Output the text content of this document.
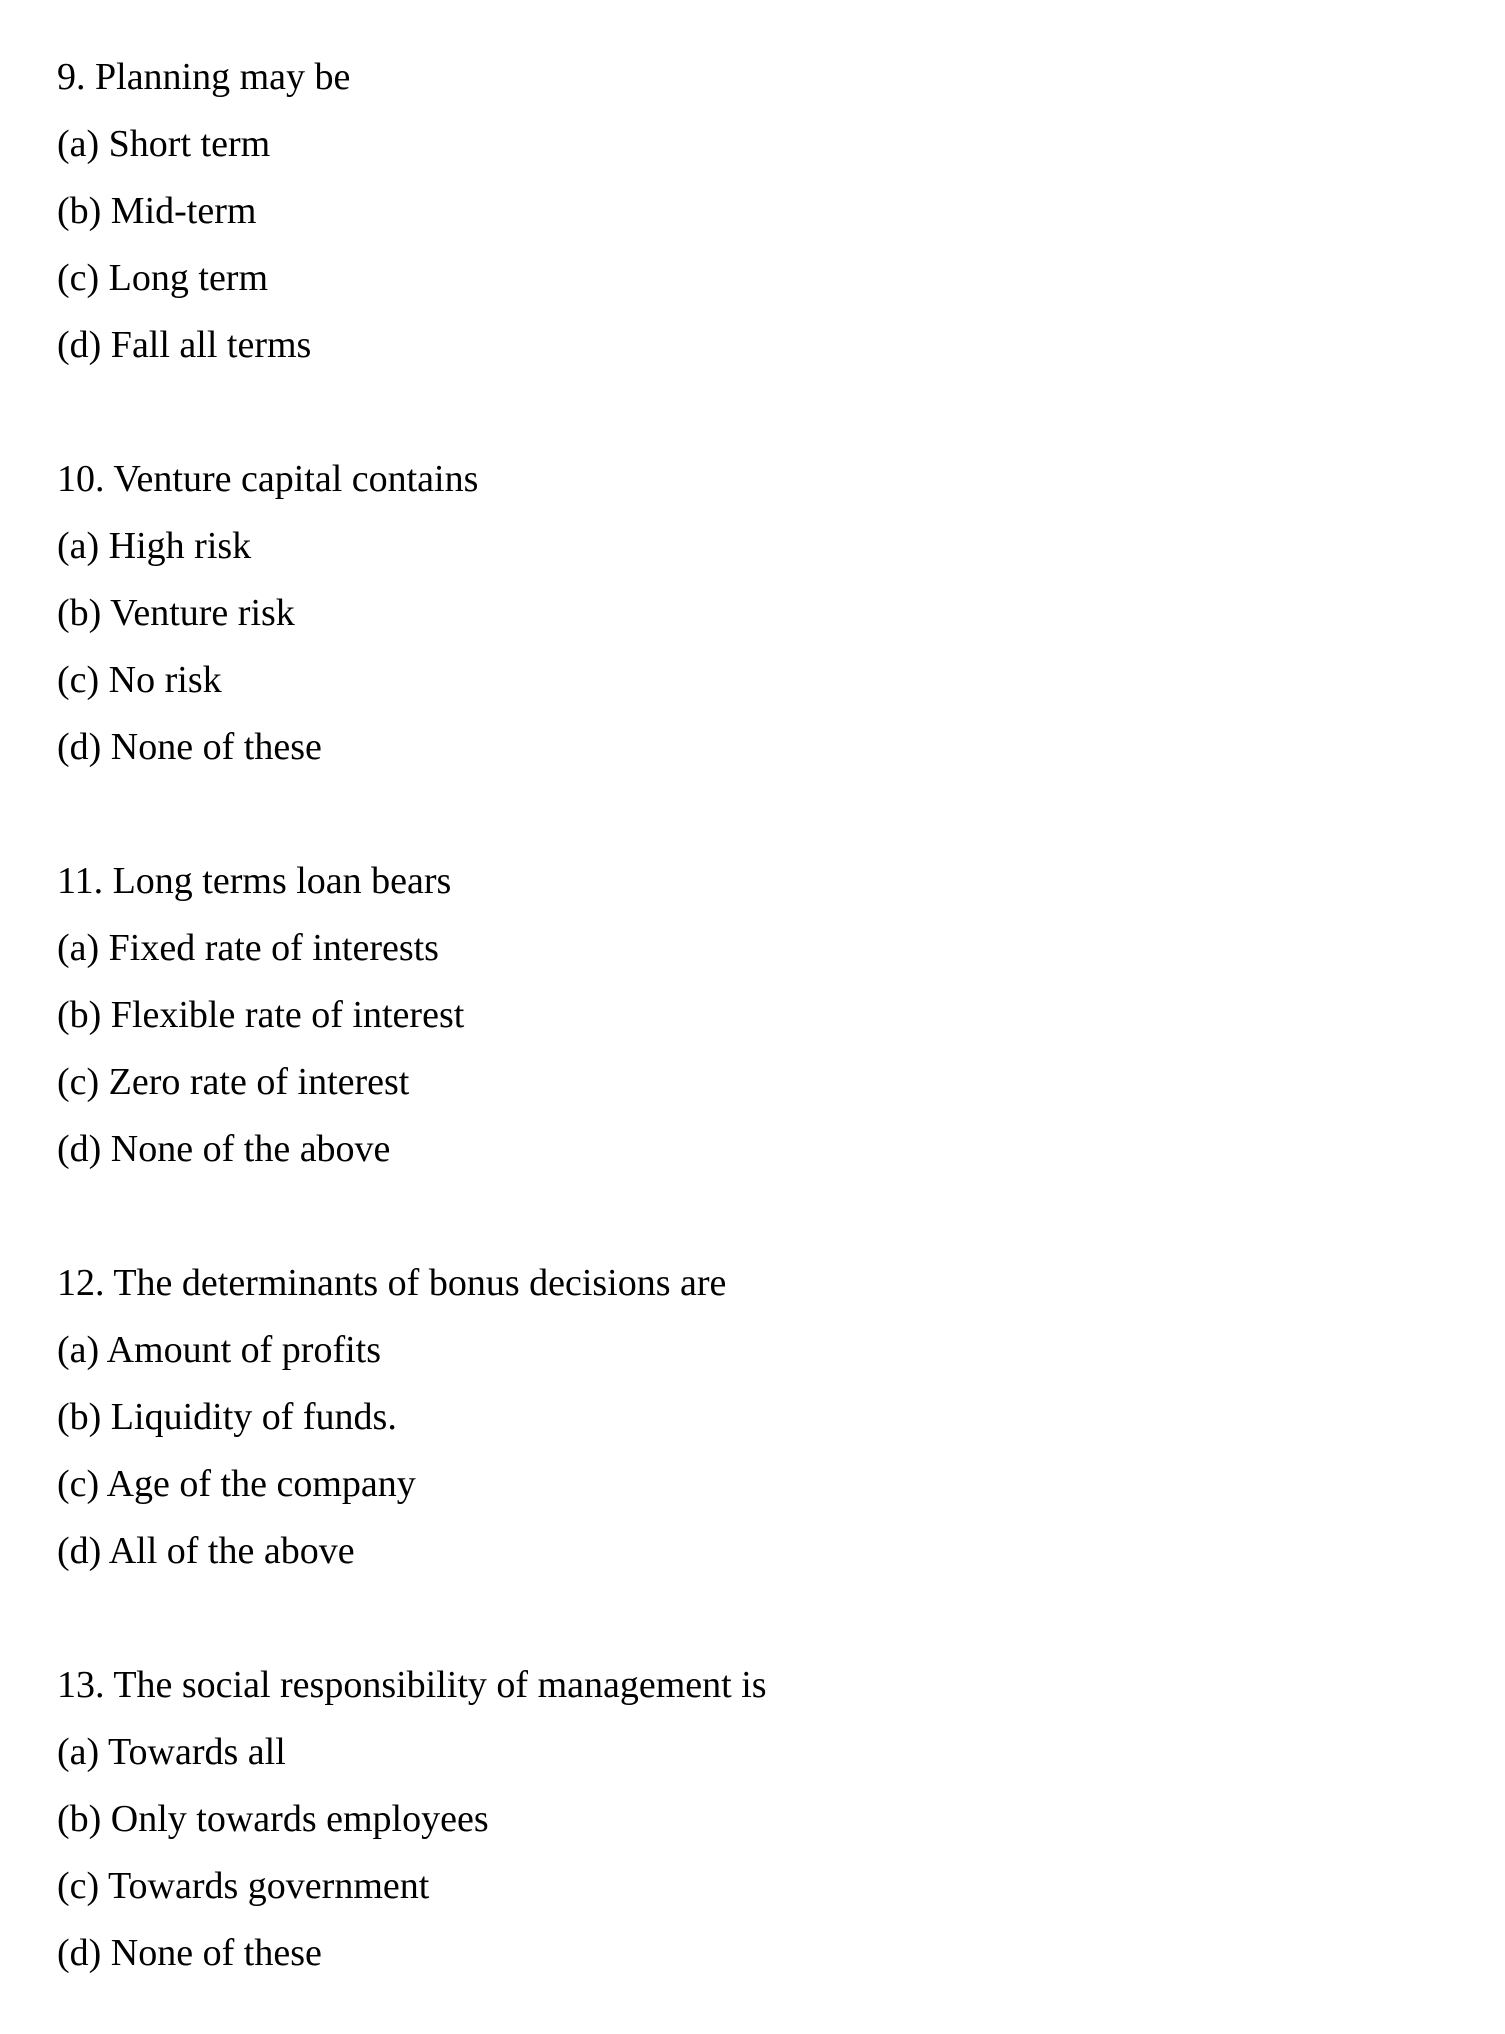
9. Planning may be
(a) Short term
(b) Mid-term
(c) Long term
(d) Fall all terms
10. Venture capital contains
(a) High risk
(b) Venture risk
(c) No risk
(d) None of these
11. Long terms loan bears
(a) Fixed rate of interests
(b) Flexible rate of interest
(c) Zero rate of interest
(d) None of the above
12. The determinants of bonus decisions are
(a) Amount of profits
(b) Liquidity of funds.
(c) Age of the company
(d) All of the above
13. The social responsibility of management is
(a) Towards all
(b) Only towards employees
(c) Towards government
(d) None of these
